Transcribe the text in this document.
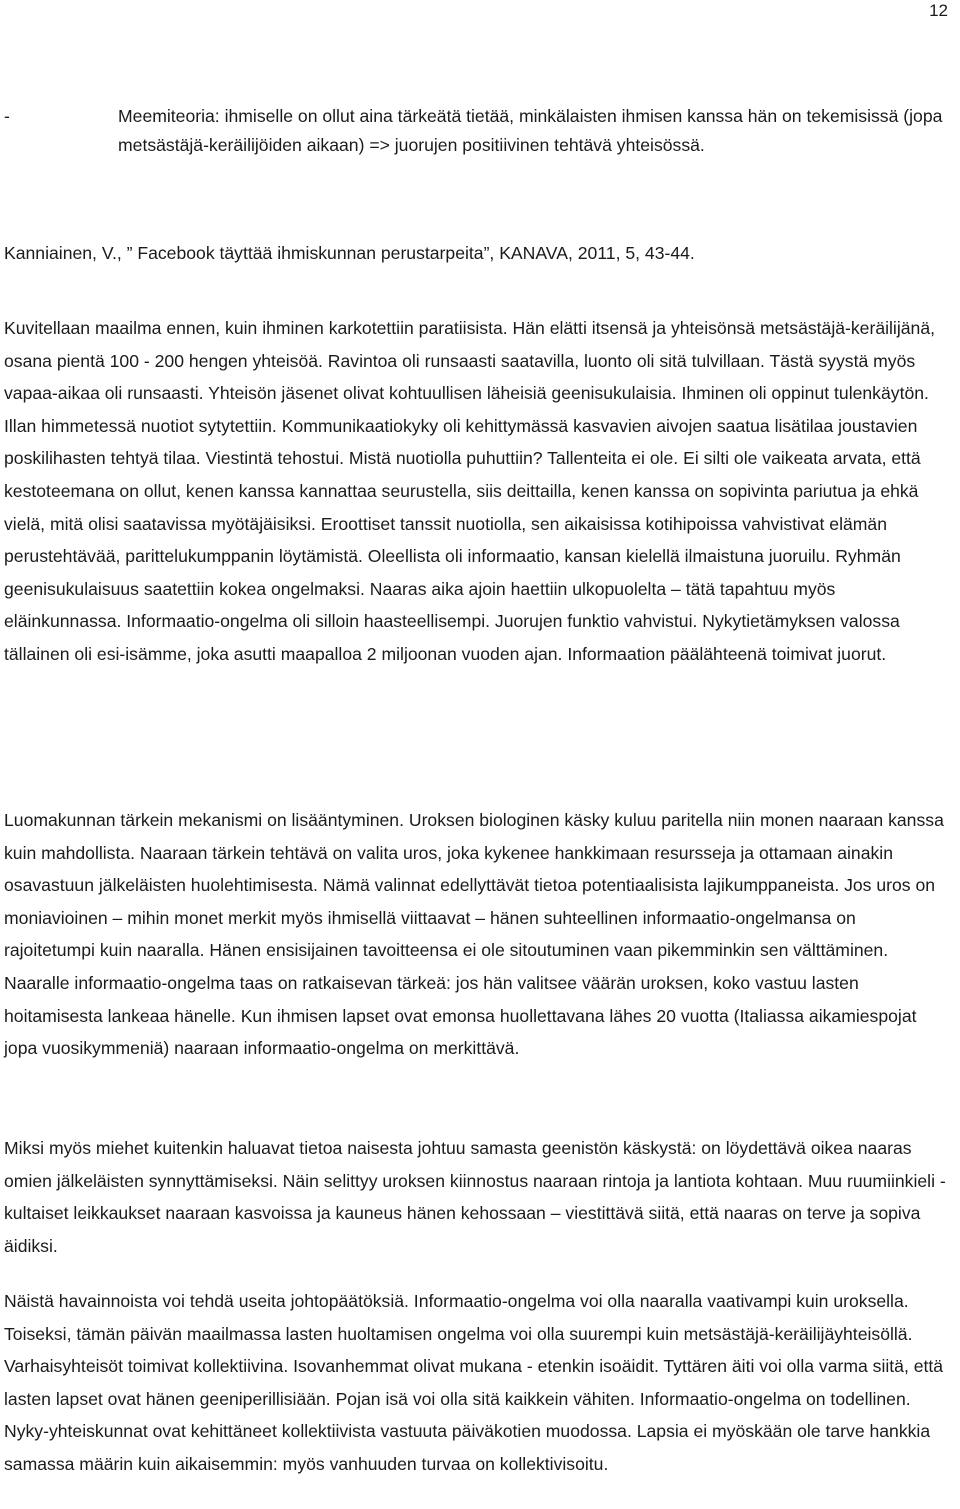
12
-	Meemiteoria: ihmiselle on ollut aina tärkeätä tietää, minkälaisten ihmisen kanssa hän on tekemisissä (jopa metsästäjä-keräilijöiden aikaan) => juorujen positiivinen tehtävä yhteisössä.

Kanniainen, V., ” Facebook täyttää ihmiskunnan perustarpeita”, KANAVA, 2011, 5, 43-44.

Kuvitellaan maailma ennen, kuin ihminen karkotettiin paratiisista. Hän elätti itsensä ja yhteisönsä metsästäjä-keräilijänä, osana pientä 100 - 200 hengen yhteisöä. Ravintoa oli runsaasti saatavilla, luonto oli sitä tulvillaan. Tästä syystä myös vapaa-aikaa oli runsaasti. Yhteisön jäsenet olivat kohtuullisen läheisiä geenisukulaisia. Ihminen oli oppinut tulenkäytön. Illan himmetessä nuotiot sytytettiin. Kommunikaatiokyky oli kehittymässä kasvavien aivojen saatua lisätilaa joustavien poskilihasten tehtyä tilaa. Viestintä tehostui. Mistä nuotiolla puhuttiin? Tallenteita ei ole. Ei silti ole vaikeata arvata, että kestoteemana on ollut, kenen kanssa kannattaa seurustella, siis deittailla, kenen kanssa on sopivinta pariutua ja ehkä vielä, mitä olisi saatavissa myötäjäisiksi. Eroottiset tanssit nuotiolla, sen aikaisissa kotihipoissa vahvistivat elämän perustehtävää, parittelukumppanin löytämistä. Oleellista oli informaatio, kansan kielellä ilmaistuna juoruilu. Ryhmän geenisukulaisuus saatettiin kokea ongelmaksi. Naaras aika ajoin haettiin ulkopuolelta – tätä tapahtuu myös eläinkunnassa. Informaatio-ongelma oli silloin haasteellisempi. Juorujen funktio vahvistui. Nykytietämyksen valossa tällainen oli esi-isämme, joka asutti maapalloa 2 miljoonan vuoden ajan. Informaation päälähteenä toimivat juorut.

Luomakunnan tärkein mekanismi on lisääntyminen. Uroksen biologinen käsky kuluu paritella niin monen naaraan kanssa kuin mahdollista. Naaraan tärkein tehtävä on valita uros, joka kykenee hankkimaan resursseja ja ottamaan ainakin osavastuun jälkeläisten huolehtimisesta. Nämä valinnat edellyttävät tietoa potentiaalisista lajikumppaneista. Jos uros on moniavioinen – mihin monet merkit myös ihmisellä viittaavat – hänen suhteellinen informaatio-ongelmansa on rajoitetumpi kuin naaralla. Hänen ensisijainen tavoitteensa ei ole sitoutuminen vaan pikemminkin sen välttäminen. Naaralle informaatio-ongelma taas on ratkaisevan tärkeä: jos hän valitsee väärän uroksen, koko vastuu lasten hoitamisesta lankeaa hänelle. Kun ihmisen lapset ovat emonsa huollettavana lähes 20 vuotta (Italiassa aikamiespojat jopa vuosikymmeniä) naaraan informaatio-ongelma on merkittävä.

Miksi myös miehet kuitenkin haluavat tietoa naisesta johtuu samasta geenistön käskystä: on löydettävä oikea naaras omien jälkeläisten synnyttämiseksi. Näin selittyy uroksen kiinnostus naaraan rintoja ja lantiota kohtaan. Muu ruumiinkieli - kultaiset leikkaukset naaraan kasvoissa ja kauneus hänen kehossaan – viestittävä siitä, että naaras on terve ja sopiva äidiksi.

Näistä havainnoista voi tehdä useita johtopäätöksiä. Informaatio-ongelma voi olla naaralla vaativampi kuin uroksella. Toiseksi, tämän päivän maailmassa lasten huoltamisen ongelma voi olla suurempi kuin metsästäjä-keräilijäyhteisöllä. Varhaisyhteisöt toimivat kollektiivina. Isovanhemmat olivat mukana - etenkin isoäidit. Tyttären äiti voi olla varma siitä, että lasten lapset ovat hänen geeniperillisiään. Pojan isä voi olla sitä kaikkein vähiten. Informaatio-ongelma on todellinen. Nyky-yhteiskunnat ovat kehittäneet kollektiivista vastuuta päiväkotien muodossa. Lapsia ei myöskään ole tarve hankkia samassa määrin kuin aikaisemmin: myös vanhuuden turvaa on kollektivisoitu.
